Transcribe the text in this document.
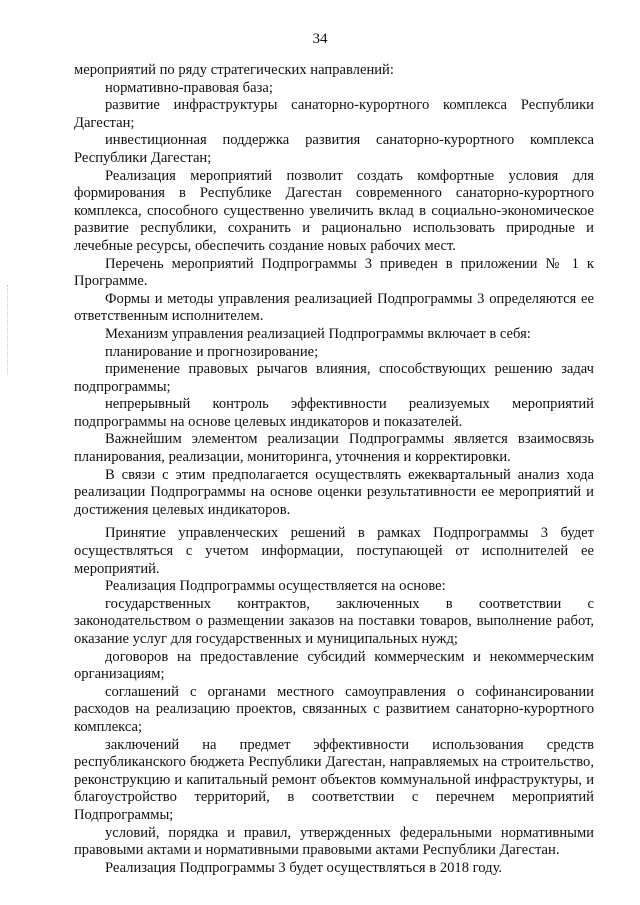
34

мероприятий по ряду стратегических направлений:

нормативно-правовая база;

развитие инфраструктуры санаторно-курортного комплекса Республики Дагестан;

инвестиционная поддержка развития санаторно-курортного комплекса Республики Дагестан;

Реализация мероприятий позволит создать комфортные условия для формирования в Республике Дагестан современного санаторно-курортного комплекса, способного существенно увеличить вклад в социально-экономическое развитие республики, сохранить и рационально использовать природные и лечебные ресурсы, обеспечить создание новых рабочих мест.

Перечень мероприятий Подпрограммы 3 приведен в приложении № 1 к Программе.

Формы и методы управления реализацией Подпрограммы 3 определяются ее ответственным исполнителем.

Механизм управления реализацией Подпрограммы включает в себя:

планирование и прогнозирование;

применение правовых рычагов влияния, способствующих решению задач подпрограммы;

непрерывный контроль эффективности реализуемых мероприятий подпрограммы на основе целевых индикаторов и показателей.

Важнейшим элементом реализации Подпрограммы является взаимосвязь планирования, реализации, мониторинга, уточнения и корректировки.

В связи с этим предполагается осуществлять ежеквартальный анализ хода реализации Подпрограммы на основе оценки результативности ее мероприятий и достижения целевых индикаторов.

Принятие управленческих решений в рамках Подпрограммы 3 будет осуществляться с учетом информации, поступающей от исполнителей ее мероприятий.

Реализация Подпрограммы осуществляется на основе:

государственных контрактов, заключенных в соответствии с законодательством о размещении заказов на поставки товаров, выполнение работ, оказание услуг для государственных и муниципальных нужд;

договоров на предоставление субсидий коммерческим и некоммерческим организациям;

соглашений с органами местного самоуправления о софинансировании расходов на реализацию проектов, связанных с развитием санаторно-курортного комплекса;

заключений на предмет эффективности использования средств республиканского бюджета Республики Дагестан, направляемых на строительство, реконструкцию и капитальный ремонт объектов коммунальной инфраструктуры, и благоустройство территорий, в соответствии с перечнем мероприятий Подпрограммы;

условий, порядка и правил, утвержденных федеральными нормативными правовыми актами и нормативными правовыми актами Республики Дагестан.

Реализация Подпрограммы 3 будет осуществляться в 2018 году.
